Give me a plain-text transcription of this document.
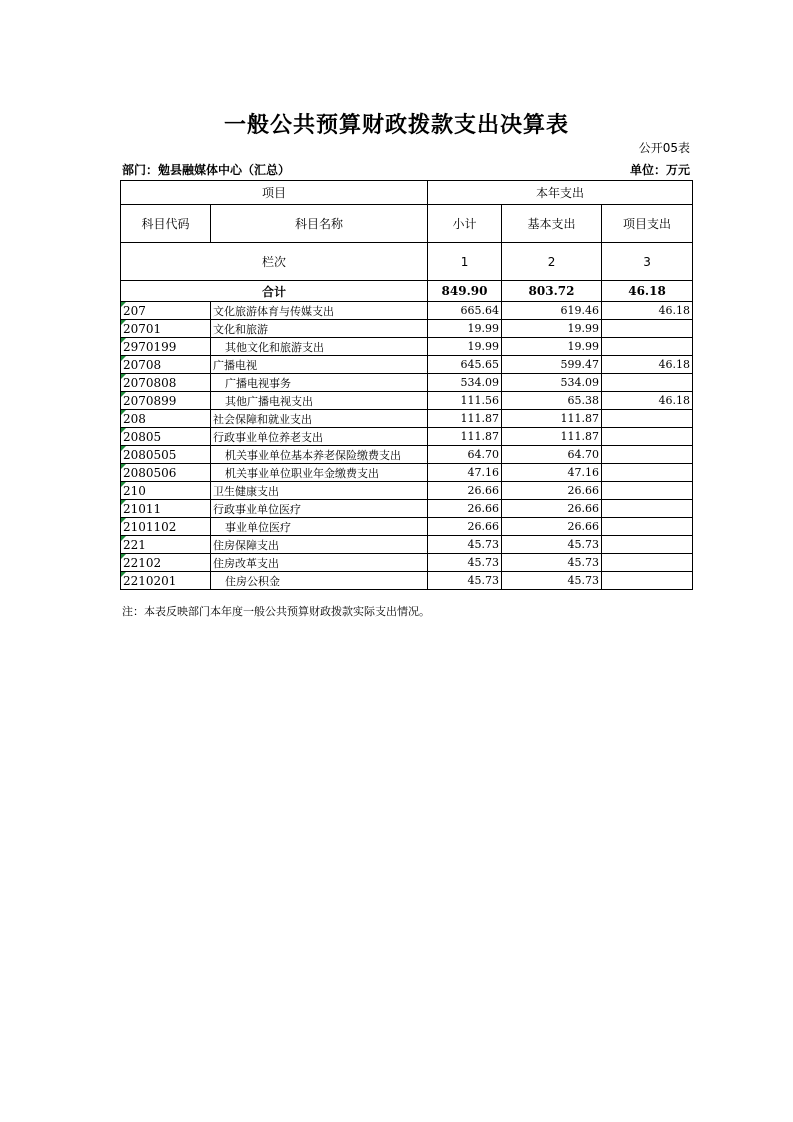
一般公共预算财政拨款支出决算表
公开05表
部门：勉县融媒体中心（汇总）	单位：万元
项目		本年支出		
科目代码	科目名称	小计	基本支出	项目支出
栏次		1	2	3
合计		849.90	803.72	46.18
207	文化旅游体育与传媒支出	665.64	619.46	46.18
20701	文化和旅游	19.99	19.99	
2970199	其他文化和旅游支出	19.99	19.99	
20708	广播电视	645.65	599.47	46.18
2070808	广播电视事务	534.09	534.09	
2070899	其他广播电视支出	111.56	65.38	46.18
208	社会保障和就业支出	111.87	111.87	
20805	行政事业单位养老支出	111.87	111.87	
2080505	机关事业单位基本养老保险缴费支出	64.70	64.70	
2080506	机关事业单位职业年金缴费支出	47.16	47.16	
210	卫生健康支出	26.66	26.66	
21011	行政事业单位医疗	26.66	26.66	
2101102	事业单位医疗	26.66	26.66	
221	住房保障支出	45.73	45.73	
22102	住房改革支出	45.73	45.73	
2210201	住房公积金	45.73	45.73	
注：本表反映部门本年度一般公共预算财政拨款实际支出情况。
